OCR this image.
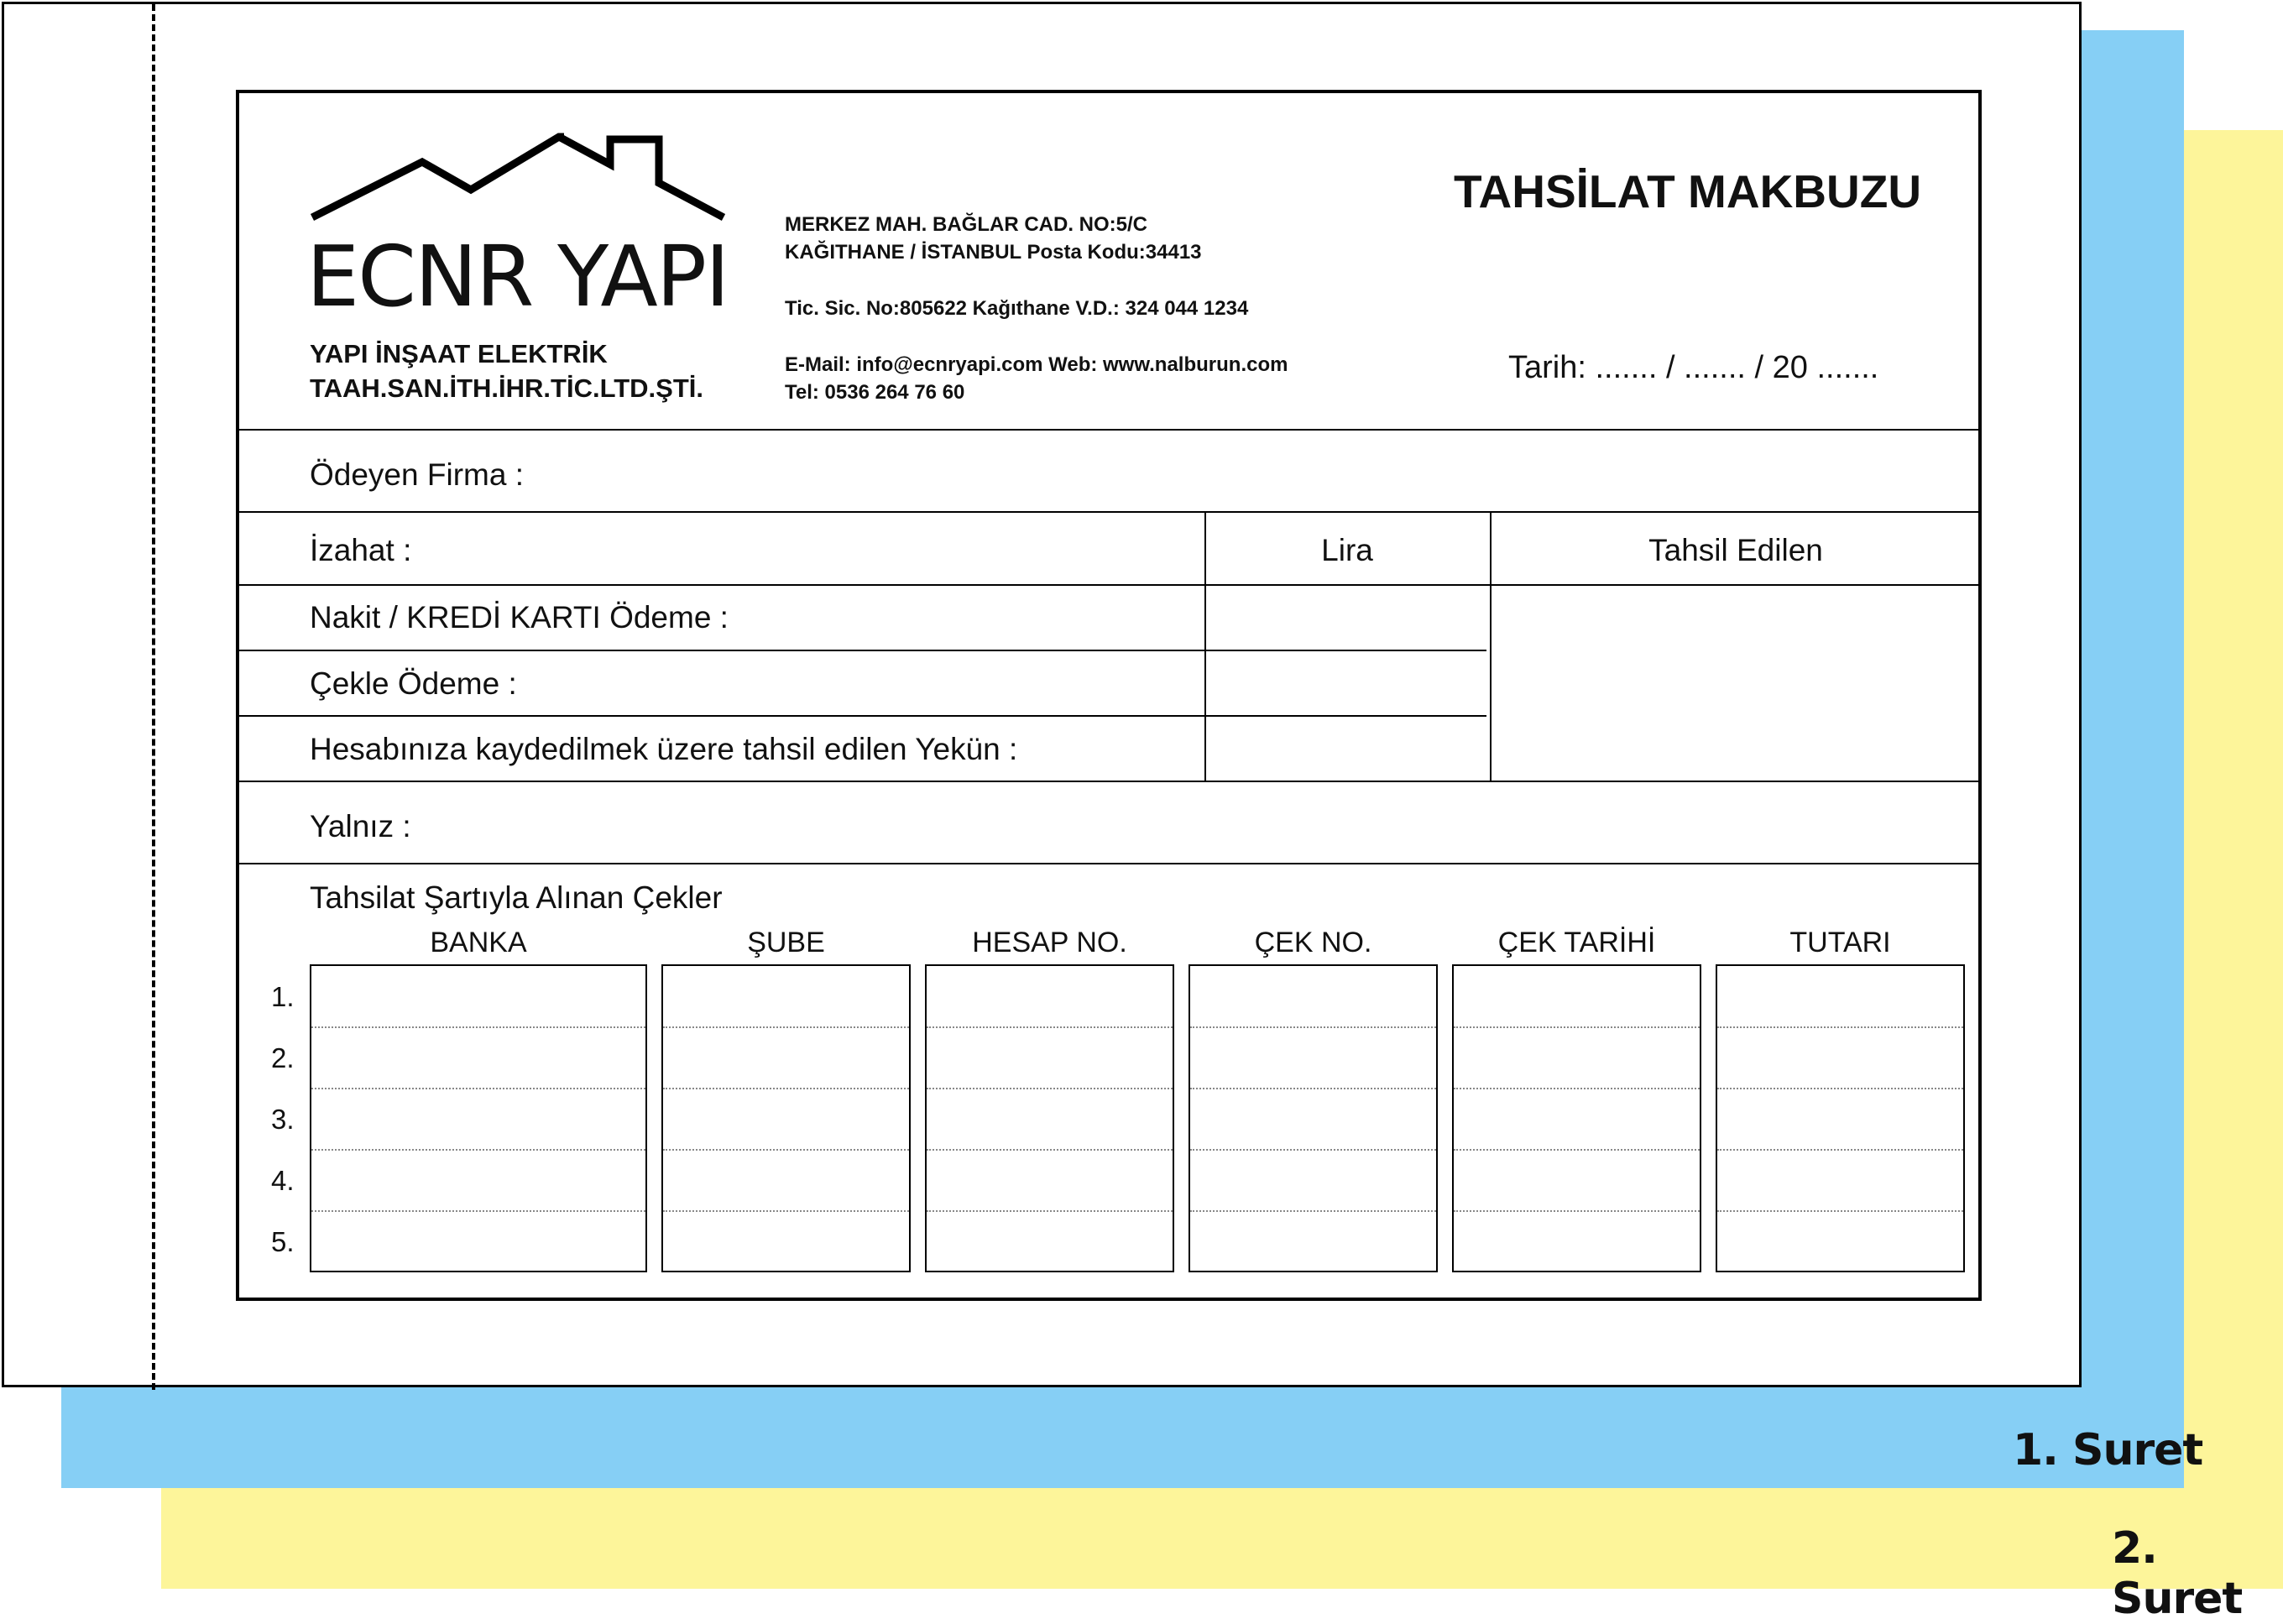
1. Suret
2. Suret
ECNR YAPI
YAPI İNŞAAT ELEKTRİK
TAAH.SAN.İTH.İHR.TİC.LTD.ŞTİ.
MERKEZ MAH. BAĞLAR CAD. NO:5/C
KAĞITHANE / İSTANBUL Posta Kodu:34413
Tic. Sic. No:805622 Kağıthane V.D.: 324 044 1234
E-Mail: info@ecnryapi.com Web: www.nalburun.com
Tel: 0536 264 76 60
TAHSİLAT MAKBUZU
Tarih: ....... / ....... / 20 .......
Ödeyen Firma :
İzahat :	Lira	Tahsil Edilen
Nakit / KREDİ KARTI Ödeme :
Çekle Ödeme :
Hesabınıza kaydedilmek üzere tahsil edilen Yekün :
Yalnız :
Tahsilat Şartıyla Alınan Çekler
BANKA	ŞUBE	HESAP NO.	ÇEK NO.	ÇEK TARİHİ	TUTARI
1.
2.
3.
4.
5.
